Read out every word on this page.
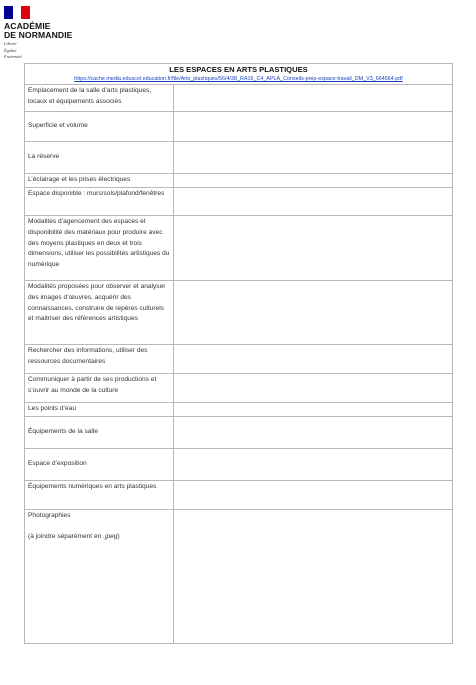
ACADÉMIE
DE NORMANDIE
Liberté
Égalité
Fraternité
LES ESPACES EN ARTS PLASTIQUES
https://cache.media.eduscol.education.fr/file/Arts_plastiques/56/4/38_RA16_C4_APLA_Conseils-prep-espace-travail_DM_V3_664564.pdf	

Emplacement de la salle d’arts plastiques, locaux et équipements associés	

Superficie et volume	

La réserve	

L’éclairage et les prises électriques	

Espace disponible : murs/sols/plafond/fenêtres	

Modalités d’agencement des espaces et disponibilité des matériaux pour produire avec des moyens plastiques en deux et trois dimensions, utiliser les possibilités artistiques du numérique	

Modalités proposées pour observer et analyser des images d’œuvres, acquérir des connaissances, construire de repères culturels et maitriser des références artistiques	

Rechercher des informations, utiliser des ressources documentaires	

Communiquer à partir de ses productions et s’ouvrir au monde de la culture	

Les points d’eau	

Équipements de la salle	

Espace d’exposition	

Équipements numériques en arts plastiques	

Photographies
(à joindre séparément en .jpeg)	
